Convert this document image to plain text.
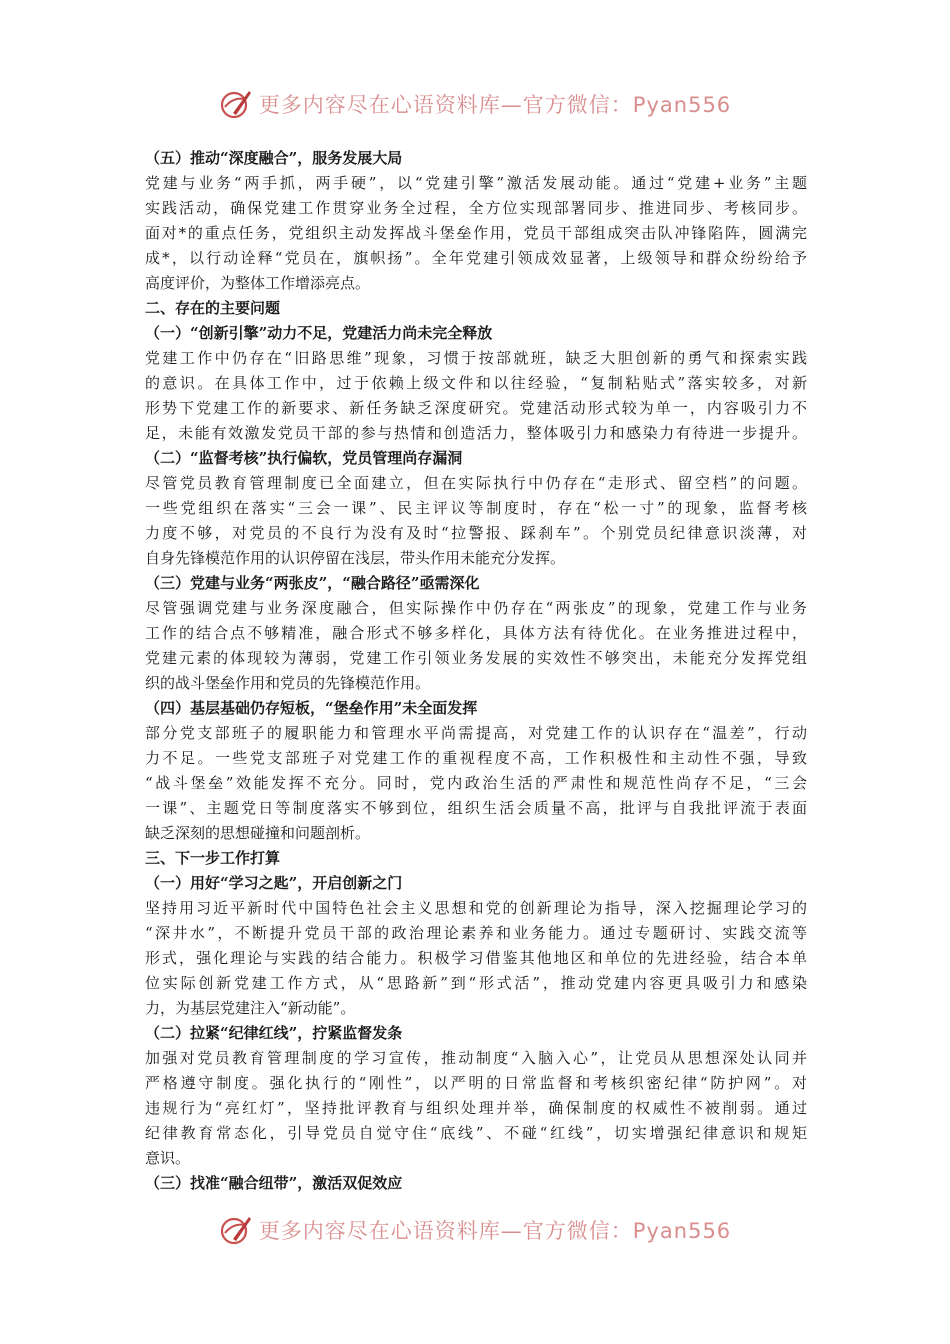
更多内容尽在心语资料库—官方微信：Pyan556
（五）推动“深度融合”，服务发展大局
党建与业务“两手抓，两手硬”，以“党建引擎”激活发展动能。通过“党建+业务”主题
实践活动，确保党建工作贯穿业务全过程，全方位实现部署同步、推进同步、考核同步。
面对*的重点任务，党组织主动发挥战斗堡垒作用，党员干部组成突击队冲锋陷阵，圆满完
成*，以行动诠释“党员在，旗帜扬”。全年党建引领成效显著，上级领导和群众纷纷给予
高度评价，为整体工作增添亮点。
二、存在的主要问题
（一）“创新引擎”动力不足，党建活力尚未完全释放
党建工作中仍存在“旧路思维”现象，习惯于按部就班，缺乏大胆创新的勇气和探索实践
的意识。在具体工作中，过于依赖上级文件和以往经验，“复制粘贴式”落实较多，对新
形势下党建工作的新要求、新任务缺乏深度研究。党建活动形式较为单一，内容吸引力不
足，未能有效激发党员干部的参与热情和创造活力，整体吸引力和感染力有待进一步提升。
（二）“监督考核”执行偏软，党员管理尚存漏洞
尽管党员教育管理制度已全面建立，但在实际执行中仍存在“走形式、留空档”的问题。
一些党组织在落实“三会一课”、民主评议等制度时，存在“松一寸”的现象，监督考核
力度不够，对党员的不良行为没有及时“拉警报、踩刹车”。个别党员纪律意识淡薄，对
自身先锋模范作用的认识停留在浅层，带头作用未能充分发挥。
（三）党建与业务“两张皮”，“融合路径”亟需深化
尽管强调党建与业务深度融合，但实际操作中仍存在“两张皮”的现象，党建工作与业务
工作的结合点不够精准，融合形式不够多样化，具体方法有待优化。在业务推进过程中，
党建元素的体现较为薄弱，党建工作引领业务发展的实效性不够突出，未能充分发挥党组
织的战斗堡垒作用和党员的先锋模范作用。
（四）基层基础仍存短板，“堡垒作用”未全面发挥
部分党支部班子的履职能力和管理水平尚需提高，对党建工作的认识存在“温差”，行动
力不足。一些党支部班子对党建工作的重视程度不高，工作积极性和主动性不强，导致
“战斗堡垒”效能发挥不充分。同时，党内政治生活的严肃性和规范性尚存不足，“三会
一课”、主题党日等制度落实不够到位，组织生活会质量不高，批评与自我批评流于表面
缺乏深刻的思想碰撞和问题剖析。
三、下一步工作打算
（一）用好“学习之匙”，开启创新之门
坚持用习近平新时代中国特色社会主义思想和党的创新理论为指导，深入挖掘理论学习的
“深井水”，不断提升党员干部的政治理论素养和业务能力。通过专题研讨、实践交流等
形式，强化理论与实践的结合能力。积极学习借鉴其他地区和单位的先进经验，结合本单
位实际创新党建工作方式，从“思路新”到“形式活”，推动党建内容更具吸引力和感染
力，为基层党建注入“新动能”。
（二）拉紧“纪律红线”，拧紧监督发条
加强对党员教育管理制度的学习宣传，推动制度“入脑入心”，让党员从思想深处认同并
严格遵守制度。强化执行的“刚性”，以严明的日常监督和考核织密纪律“防护网”。对
违规行为“亮红灯”，坚持批评教育与组织处理并举，确保制度的权威性不被削弱。通过
纪律教育常态化，引导党员自觉守住“底线”、不碰“红线”，切实增强纪律意识和规矩
意识。
（三）找准“融合纽带”，激活双促效应
更多内容尽在心语资料库—官方微信：Pyan556
